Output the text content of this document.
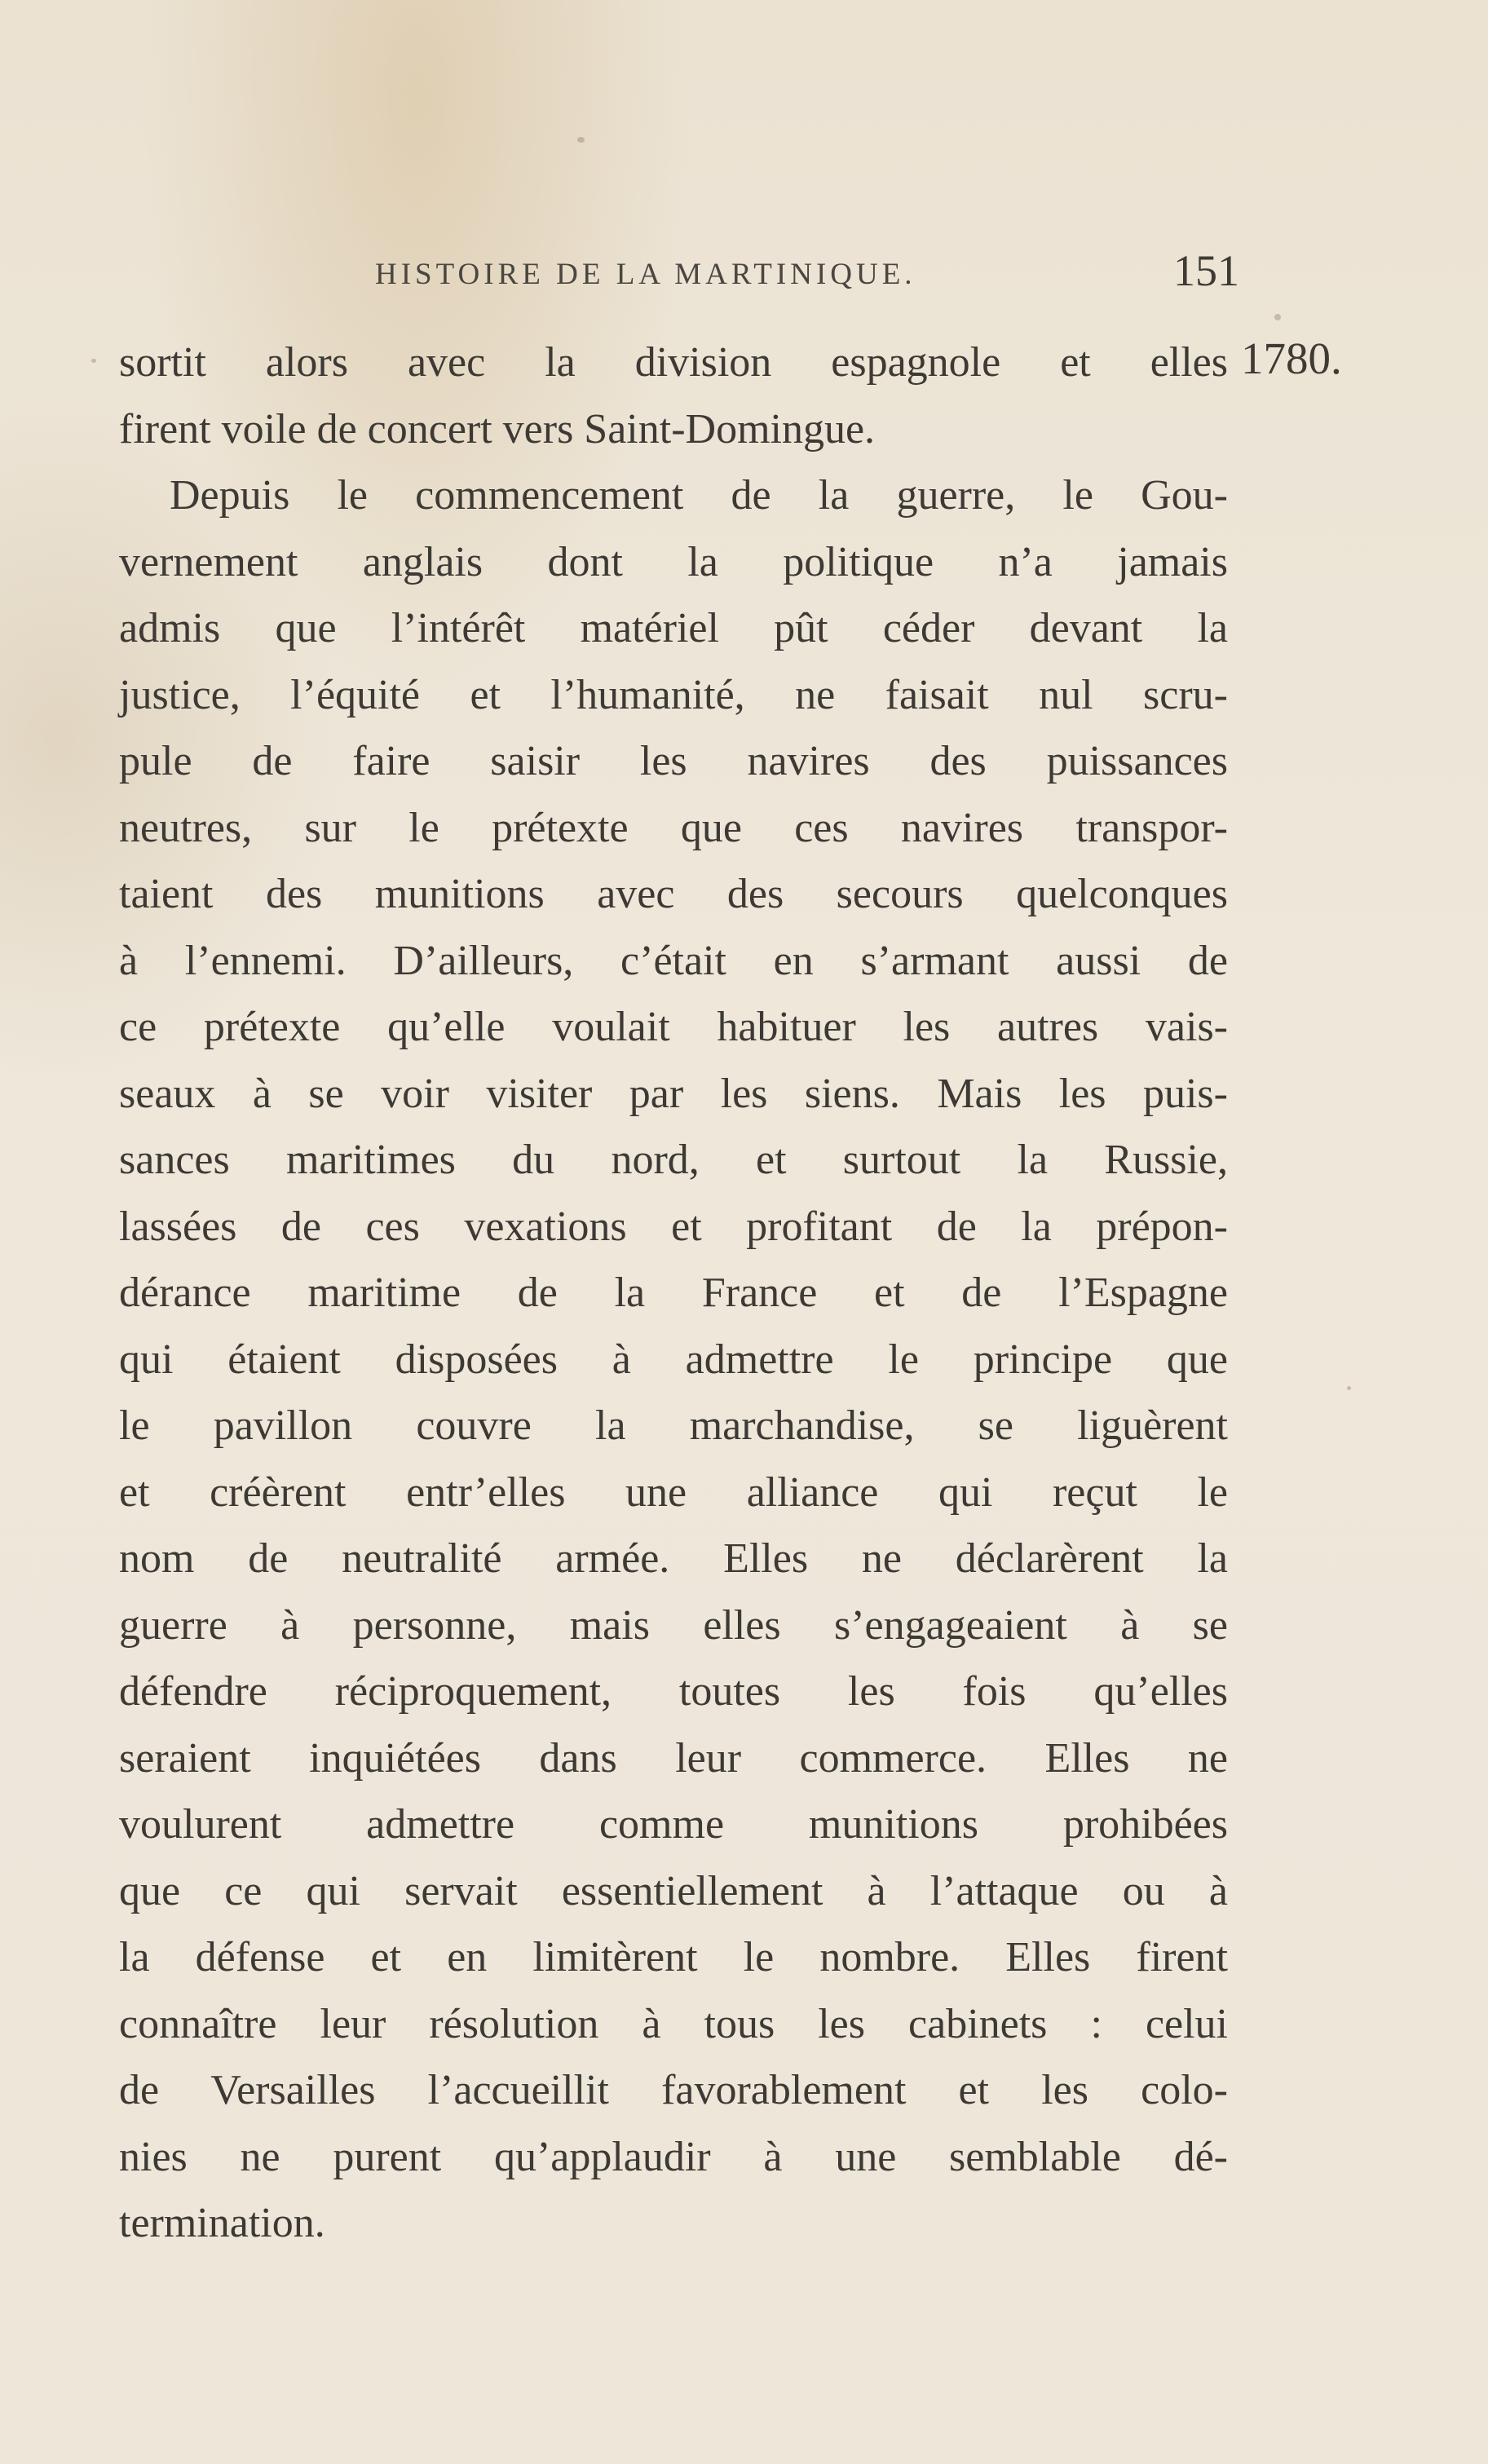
HISTOIRE DE LA MARTINIQUE.	151
1780.
sortit alors avec la division espagnole et elles
firent voile de concert vers Saint-Domingue.
Depuis le commencement de la guerre, le Gou-
vernement anglais dont la politique n’a jamais
admis que l’intérêt matériel pût céder devant la
justice, l’équité et l’humanité, ne faisait nul scru-
pule de faire saisir les navires des puissances
neutres, sur le prétexte que ces navires transpor-
taient des munitions avec des secours quelconques
à l’ennemi. D’ailleurs, c’était en s’armant aussi de
ce prétexte qu’elle voulait habituer les autres vais-
seaux à se voir visiter par les siens. Mais les puis-
sances maritimes du nord, et surtout la Russie,
lassées de ces vexations et profitant de la prépon-
dérance maritime de la France et de l’Espagne
qui étaient disposées à admettre le principe que
le pavillon couvre la marchandise, se liguèrent
et créèrent entr’elles une alliance qui reçut le
nom de neutralité armée. Elles ne déclarèrent la
guerre à personne, mais elles s’engageaient à se
défendre réciproquement, toutes les fois qu’elles
seraient inquiétées dans leur commerce. Elles ne
voulurent admettre comme munitions prohibées
que ce qui servait essentiellement à l’attaque ou à
la défense et en limitèrent le nombre. Elles firent
connaître leur résolution à tous les cabinets : celui
de Versailles l’accueillit favorablement et les colo-
nies ne purent qu’applaudir à une semblable dé-
termination.
